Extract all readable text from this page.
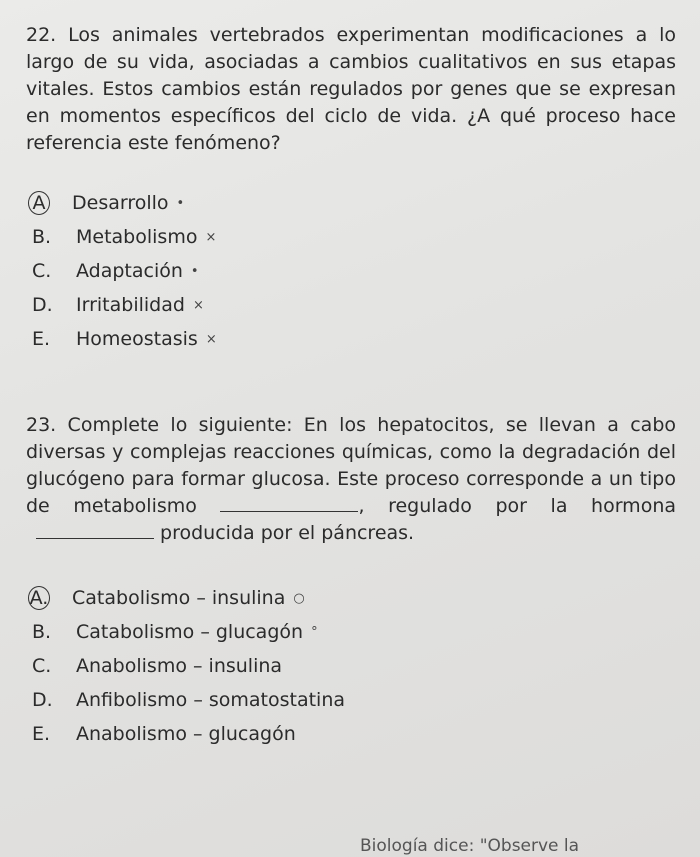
22. Los animales vertebrados experimentan modificaciones a lo largo de su vida, asociadas a cambios cualitativos en sus etapas vitales. Estos cambios están regulados por genes que se expresan en momentos específicos del ciclo de vida. ¿A qué proceso hace referencia este fenómeno?

A Desarrollo •
B.	Metabolismo ×
C.	Adaptación •
D.	Irritabilidad ×
E.	Homeostasis ×

23. Complete lo siguiente: En los hepatocitos, se llevan a cabo diversas y complejas reacciones químicas, como la degradación del glucógeno para formar glucosa. Este proceso corresponde a un tipo de metabolismo	, regulado por la hormona  producida por el páncreas.

A. Catabolismo – insulina ○
B.	Catabolismo – glucagón °
C.	Anabolismo – insulina
D.	Anfibolismo – somatostatina
E.	Anabolismo – glucagón
Biología dice: "Observe la
